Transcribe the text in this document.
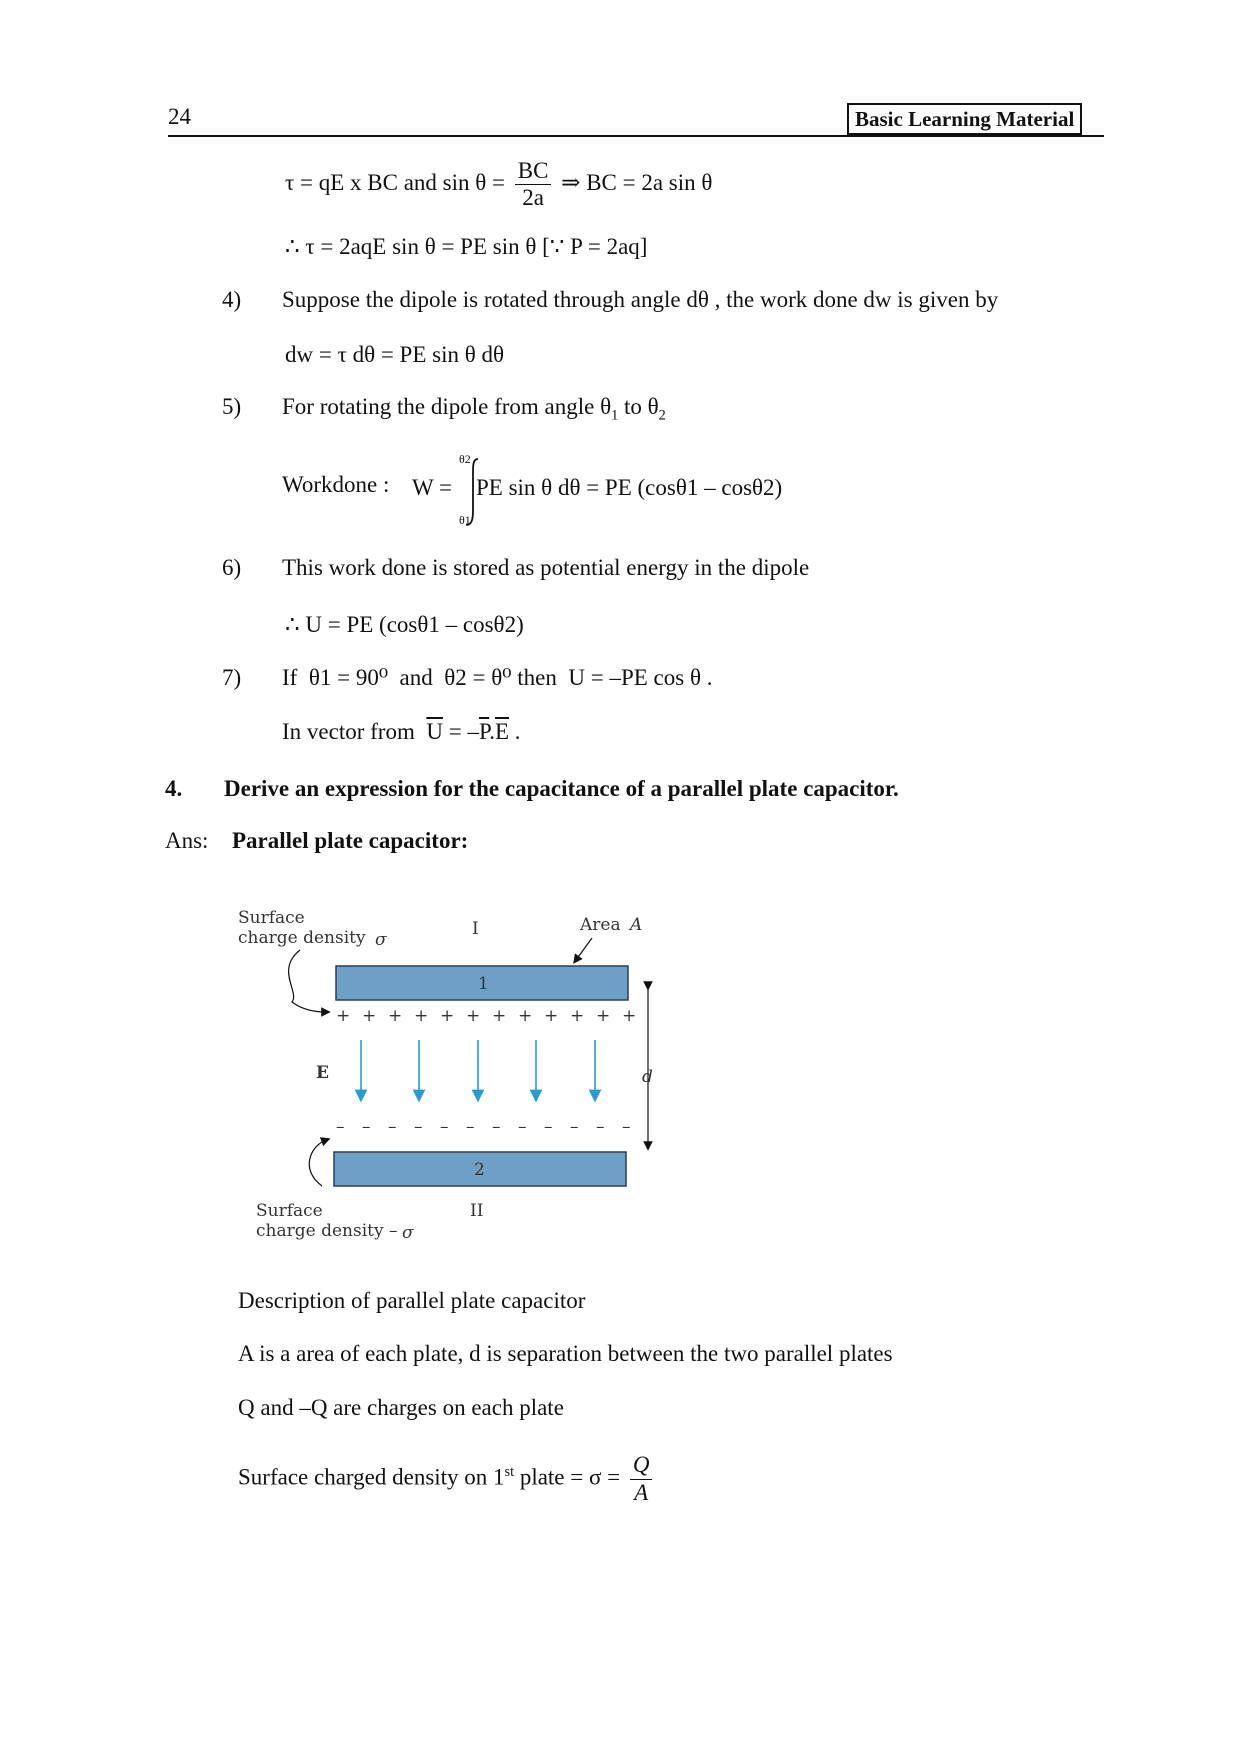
24	Basic Learning Material
τ = qE x BC and $\sin \theta = \frac{BC}{2a}$ ⇒ BC = 2a sin θ
∴ τ = 2aqE sin θ = PE sin θ [∵ P = 2aq]
4) Suppose the dipole is rotated through angle dθ , the work done dw is given by
dw = τ dθ = PE sin θ dθ
5) For rotating the dipole from angle $\theta_1$ to $\theta_2$
Workdone : W =
θ2
θ1
PE sin θ dθ = PE (cosθ1 – cosθ2)
6) This work done is stored as potential energy in the dipole
∴ U = PE (cosθ1 – cosθ2)
7) If θ1 = 90⁰ and θ2 = θ⁰ then U = –PE cos θ .
In vector from $\overline{U} = -\overline{P}.\overline{E}$ .
4. Derive an expression for the capacitance of a parallel plate capacitor.
Ans: Parallel plate capacitor:
Surface
charge density σ
I	Area A
1
+ + + + + + + + + + + +
E	d
– – – – – – – – – – – –
2
Surface
charge density – σ
II
Description of parallel plate capacitor
A is a area of each plate, d is separation between the two parallel plates
Q and –Q are charges on each plate
Surface charged density on 1st plate = $\sigma = \frac{Q}{A}$
